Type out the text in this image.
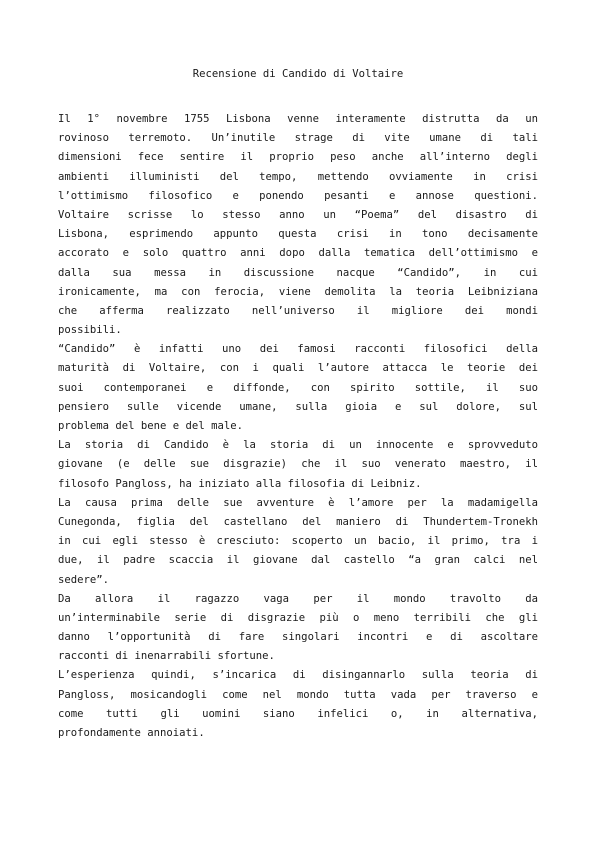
Recensione di Candido di Voltaire
Il 1° novembre 1755 Lisbona venne interamente distrutta da un
rovinoso terremoto. Un’inutile strage di vite umane di tali
dimensioni fece sentire il proprio peso anche all’interno degli
ambienti illuministi del tempo, mettendo ovviamente in crisi
l’ottimismo filosofico e ponendo pesanti e annose questioni.
Voltaire scrisse lo stesso anno un “Poema” del disastro di
Lisbona, esprimendo appunto questa crisi in tono decisamente
accorato e solo quattro anni dopo dalla tematica dell’ottimismo e
dalla sua messa in discussione nacque “Candido”, in cui
ironicamente, ma con ferocia, viene demolita la teoria Leibniziana
che afferma realizzato nell’universo il migliore dei mondi
possibili.
“Candido” è infatti uno dei famosi racconti filosofici della
maturità di Voltaire, con i quali l’autore attacca le teorie dei
suoi contemporanei e diffonde, con spirito sottile, il suo
pensiero sulle vicende umane, sulla gioia e sul dolore, sul
problema del bene e del male.
La storia di Candido è la storia di un innocente e sprovveduto
giovane (e delle sue disgrazie) che il suo venerato maestro, il
filosofo Pangloss, ha iniziato alla filosofia di Leibniz.
La causa prima delle sue avventure è l’amore per la madamigella
Cunegonda, figlia del castellano del maniero di Thundertem-Tronekh
in cui egli stesso è cresciuto: scoperto un bacio, il primo, tra i
due, il padre scaccia il giovane dal castello “a gran calci nel
sedere”.
Da allora il ragazzo vaga per il mondo travolto da
un’interminabile serie di disgrazie più o meno terribili che gli
danno l’opportunità di fare singolari incontri e di ascoltare
racconti di inenarrabili sfortune.
L’esperienza quindi, s’incarica di disingannarlo sulla teoria di
Pangloss, mosicandogli come nel mondo tutta vada per traverso e
come tutti gli uomini siano infelici o, in alternativa,
profondamente annoiati.
